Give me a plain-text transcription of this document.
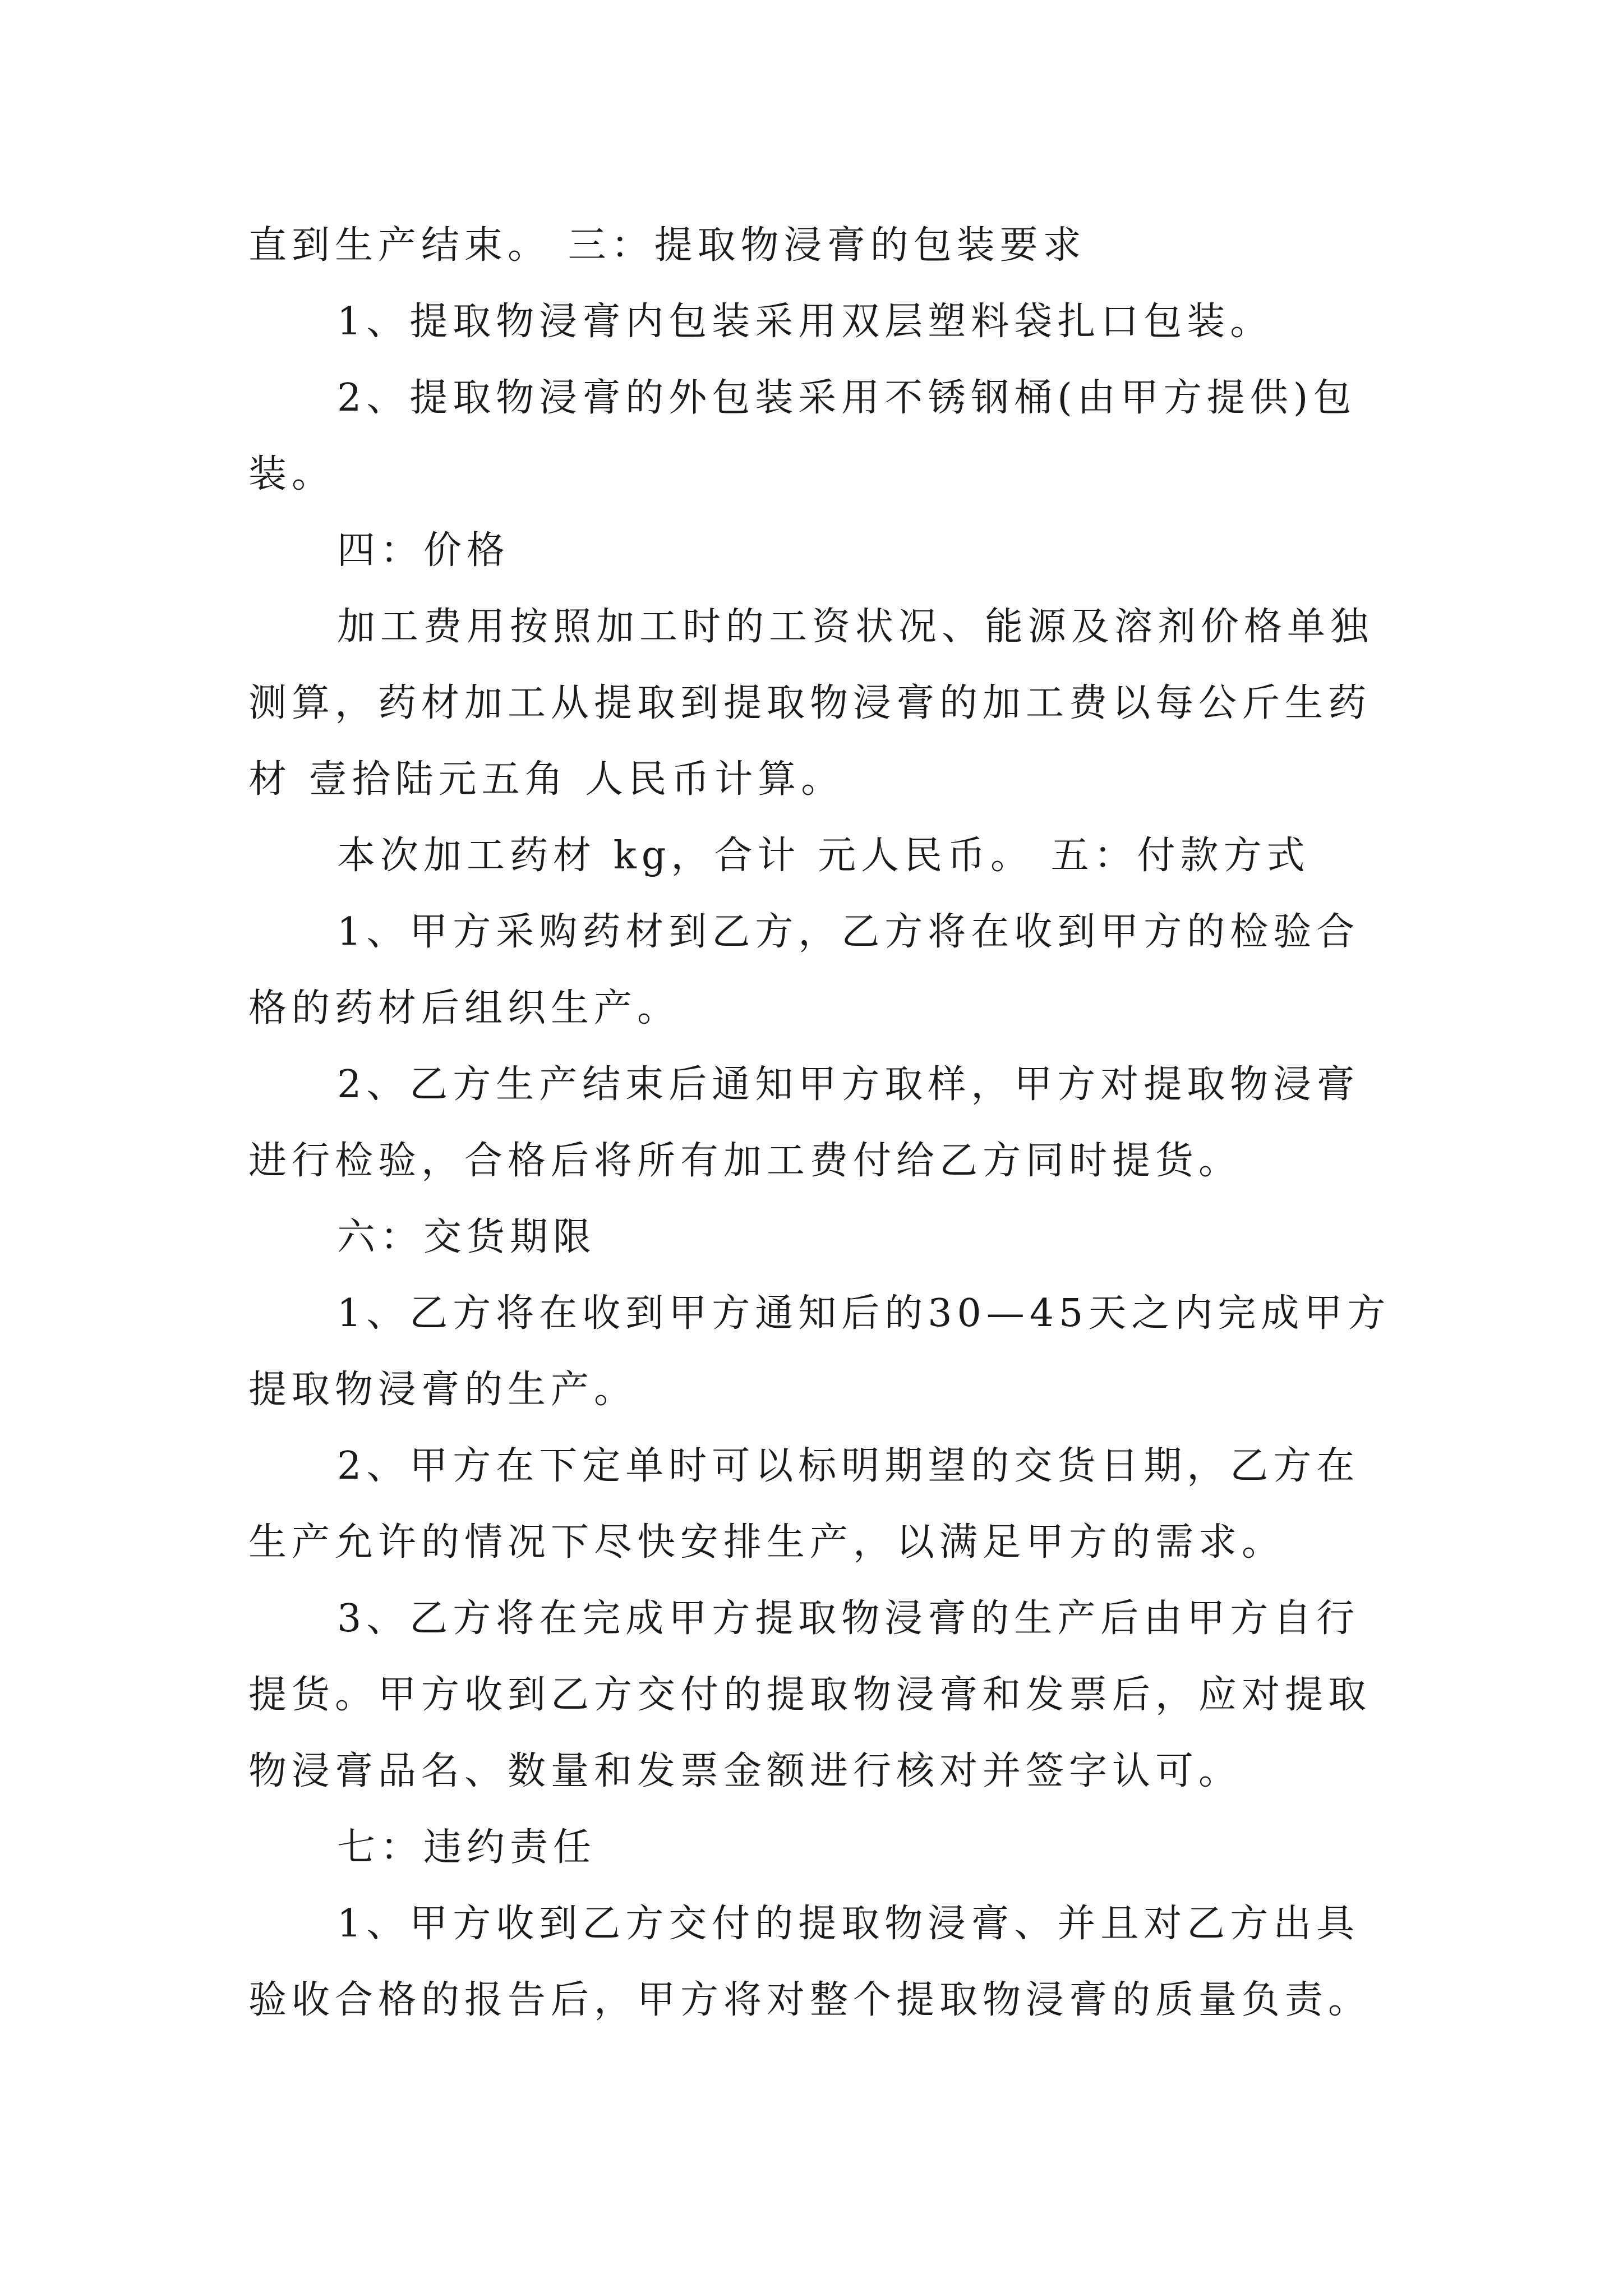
直到生产结束。 三：提取物浸膏的包装要求
1、提取物浸膏内包装采用双层塑料袋扎口包装。
2、提取物浸膏的外包装采用不锈钢桶(由甲方提供)包
装。
四：价格
加工费用按照加工时的工资状况、能源及溶剂价格单独
测算，药材加工从提取到提取物浸膏的加工费以每公斤生药
材 壹拾陆元五角 人民币计算。
本次加工药材 kg，合计 元人民币。 五：付款方式
1、甲方采购药材到乙方，乙方将在收到甲方的检验合
格的药材后组织生产。
2、乙方生产结束后通知甲方取样，甲方对提取物浸膏
进行检验，合格后将所有加工费付给乙方同时提货。
六：交货期限
1、乙方将在收到甲方通知后的30—45天之内完成甲方
提取物浸膏的生产。
2、甲方在下定单时可以标明期望的交货日期，乙方在
生产允许的情况下尽快安排生产，以满足甲方的需求。
3、乙方将在完成甲方提取物浸膏的生产后由甲方自行
提货。甲方收到乙方交付的提取物浸膏和发票后，应对提取
物浸膏品名、数量和发票金额进行核对并签字认可。
七：违约责任
1、甲方收到乙方交付的提取物浸膏、并且对乙方出具
验收合格的报告后，甲方将对整个提取物浸膏的质量负责。
